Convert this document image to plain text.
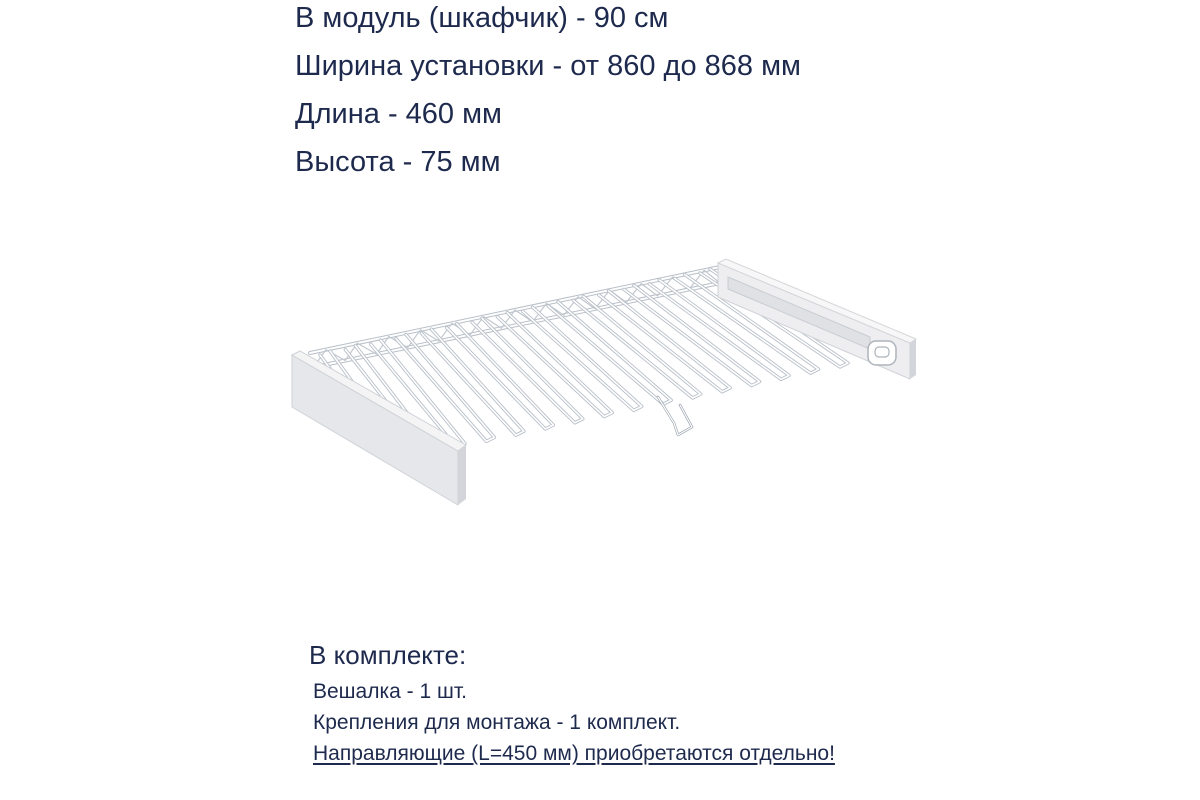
В модуль (шкафчик) - 90 см
Ширина установки - от 860 до 868 мм
Длина - 460 мм
Высота - 75 мм
В комплекте:
Вешалка - 1 шт.
Крепления для монтажа - 1 комплект.
Направляющие (L=450 мм) приобретаются отдельно!
